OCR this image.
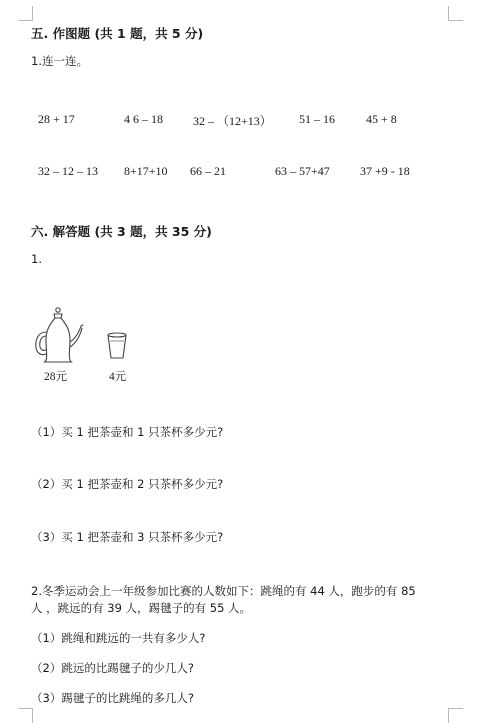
五. 作图题 (共 1 题，共 5 分)
1.连一连。
28 + 17	4 6 – 18	32 – （12+13） 51 – 16	45 + 8
32 – 12 – 13 8+17+10 66 – 21	63 – 57+47	37 +9 - 18
六. 解答题 (共 3 题，共 35 分)
1.
28元	4元
（1）买 1 把茶壶和 1 只茶杯多少元?
（2）买 1 把茶壶和 2 只茶杯多少元?
（3）买 1 把茶壶和 3 只茶杯多少元?
2.冬季运动会上一年级参加比赛的人数如下：跳绳的有 44 人，跑步的有 85
人 ，跳远的有 39 人，踢毽子的有 55 人。
（1）跳绳和跳远的一共有多少人?
（2）跳远的比踢毽子的少几人?
（3）踢毽子的比跳绳的多几人?
